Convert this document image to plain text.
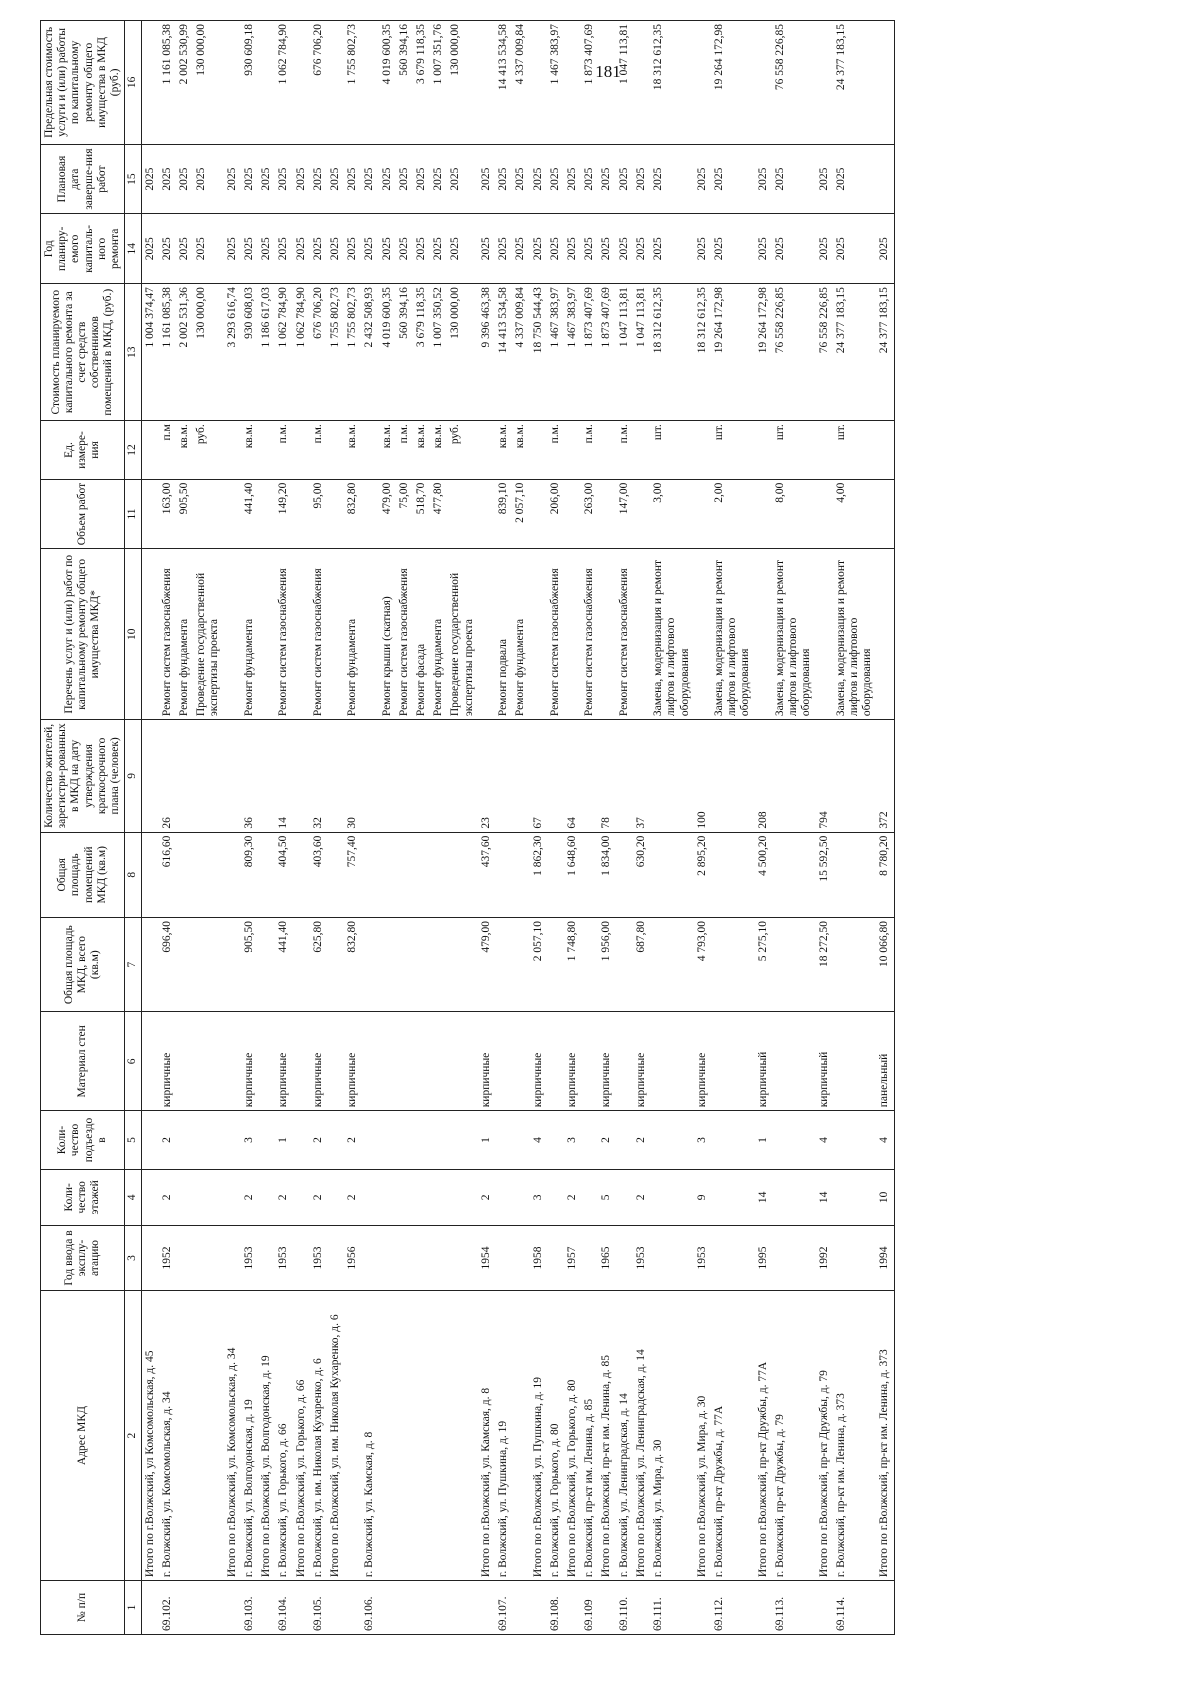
181
№ п/п	Адрес МКД	Год ввода в эксплу-атацию	Коли-чество этажей	Коли-чество подъездо в	Материал стен	Общая площадь МКД, всего (кв.м)	Общая площадь помещений МКД (кв.м)	Количество жителей, зарегистри-рованных в МКД на дату утверждения краткосрочного плана (человек)	Перечень услуг и (или) работ по капитальному ремонту общего имущества МКД*	Объем работ	Ед. измере-ния	Стоимость планируемого капитального ремонта за счет средств собственников помещений в МКД, (руб.)	Год планиру-емого капиталь-ного ремонта	Плановая дата заверше-ния работ	Предельная стоимость услуги и (или) работы по капитальному ремонту общего имущества в МКД (руб.)
1	2	3	4	5	6	7	8	9	10	11	12	13	14	15	16
	Итого по г.Волжский, ул Комсомольская, д. 45											1 004 374,47	2025	2025	
69.102.	г. Волжский, ул. Комсомольская, д. 34	1952	2	2	кирпичные	696,40	616,60	26	Ремонт систем газоснабжения	163,00	п.м	1 161 085,38	2025	2025	1 161 085,38
									Ремонт фундамента	905,50	кв.м.	2 002 531,36	2025	2025	2 002 530,99
									Проведение государственной экспертизы проекта		руб.	130 000,00	2025	2025	130 000,00
	Итого по г.Волжский, ул. Комсомольская, д. 34											3 293 616,74	2025	2025	
69.103.	г. Волжский, ул. Волгодонская, д. 19	1953	2	3	кирпичные	905,50	809,30	36	Ремонт фундамента	441,40	кв.м.	930 608,03	2025	2025	930 609,18
	Итого по г.Волжский, ул. Волгодонская, д. 19											1 186 617,03	2025	2025	
69.104.	г. Волжский, ул. Горького, д. 66	1953	2	1	кирпичные	441,40	404,50	14	Ремонт систем газоснабжения	149,20	п.м.	1 062 784,90	2025	2025	1 062 784,90
	Итого по г.Волжский, ул. Горького, д. 66											1 062 784,90	2025	2025	
69.105.	г. Волжский, ул. им. Николая Кухаренко, д. 6	1953	2	2	кирпичные	625,80	403,60	32	Ремонт систем газоснабжения	95,00	п.м.	676 706,20	2025	2025	676 706,20
	Итого по г.Волжский, ул. им. Николая Кухаренко, д. 6											1 755 802,73	2025	2025	
		1956	2	2	кирпичные	832,80	757,40	30	Ремонт фундамента	832,80	кв.м.	1 755 802,73	2025	2025	1 755 802,73
69.106.	г. Волжский, ул. Камская, д. 8											2 432 508,93	2025	2025	
									Ремонт крыши (скатная)	479,00	кв.м.	4 019 600,35	2025	2025	4 019 600,35
									Ремонт систем газоснабжения	75,00	п.м.	560 394,16	2025	2025	560 394,16
									Ремонт фасада	518,70	кв.м.	3 679 118,35	2025	2025	3 679 118,35
									Ремонт фундамента	477,80	кв.м.	1 007 350,52	2025	2025	1 007 351,76
									Проведение государственной экспертизы проекта		руб.	130 000,00	2025	2025	130 000,00
	Итого по г.Волжский, ул. Камская, д. 8	1954	2	1	кирпичные	479,00	437,60	23				9 396 463,38	2025	2025	
69.107.	г. Волжский, ул. Пушкина, д. 19								Ремонт подвала	839,10	кв.м.	14 413 534,58	2025	2025	14 413 534,58
									Ремонт фундамента	2 057,10	кв.м.	4 337 009,84	2025	2025	4 337 009,84
	Итого по г.Волжский, ул. Пушкина, д. 19	1958	3	4	кирпичные	2 057,10	1 862,30	67				18 750 544,43	2025	2025	
69.108.	г. Волжский, ул. Горького, д. 80								Ремонт систем газоснабжения	206,00	п.м.	1 467 383,97	2025	2025	1 467 383,97
	Итого по г.Волжский, ул. Горького, д. 80	1957	2	3	кирпичные	1 748,80	1 648,60	64				1 467 383,97	2025	2025	
69.109	г. Волжский, пр-кт им. Ленина, д. 85								Ремонт систем газоснабжения	263,00	п.м.	1 873 407,69	2025	2025	1 873 407,69
	Итого по г.Волжский, пр-кт им. Ленина, д. 85	1965	5	2	кирпичные	1 956,00	1 834,00	78				1 873 407,69	2025	2025	
69.110.	г. Волжский, ул. Ленинградская, д. 14								Ремонт систем газоснабжения	147,00	п.м.	1 047 113,81	2025	2025	1 047 113,81
	Итого по г.Волжский, ул. Ленинградская, д. 14	1953	2	2	кирпичные	687,80	630,20	37				1 047 113,81	2025	2025	
69.111.	г. Волжский, ул. Мира, д. 30								Замена, модернизация и ремонт лифтов и лифтового оборудования	3,00	шт.	18 312 612,35	2025	2025	18 312 612,35
	Итого по г.Волжский, ул. Мира, д. 30	1953	9	3	кирпичные	4 793,00	2 895,20	100				18 312 612,35	2025	2025	
69.112.	г. Волжский, пр-кт Дружбы, д. 77А								Замена, модернизация и ремонт лифтов и лифтового оборудования	2,00	шт.	19 264 172,98	2025	2025	19 264 172,98
	Итого по г.Волжский, пр-кт Дружбы, д. 77А	1995	14	1	кирпичный	5 275,10	4 500,20	208				19 264 172,98	2025	2025	
69.113.	г. Волжский, пр-кт Дружбы, д. 79								Замена, модернизация и ремонт лифтов и лифтового оборудования	8,00	шт.	76 558 226,85	2025	2025	76 558 226,85
	Итого по г.Волжский, пр-кт Дружбы, д. 79	1992	14	4	кирпичный	18 272,50	15 592,50	794				76 558 226,85	2025	2025	
69.114.	г. Волжский, пр-кт им. Ленина, д. 373								Замена, модернизация и ремонт лифтов и лифтового оборудования	4,00	шт.	24 377 183,15	2025	2025	24 377 183,15
	Итого по г.Волжский, пр-кт им. Ленина, д. 373	1994	10	4	панельный	10 066,80	8 780,20	372				24 377 183,15	2025		
